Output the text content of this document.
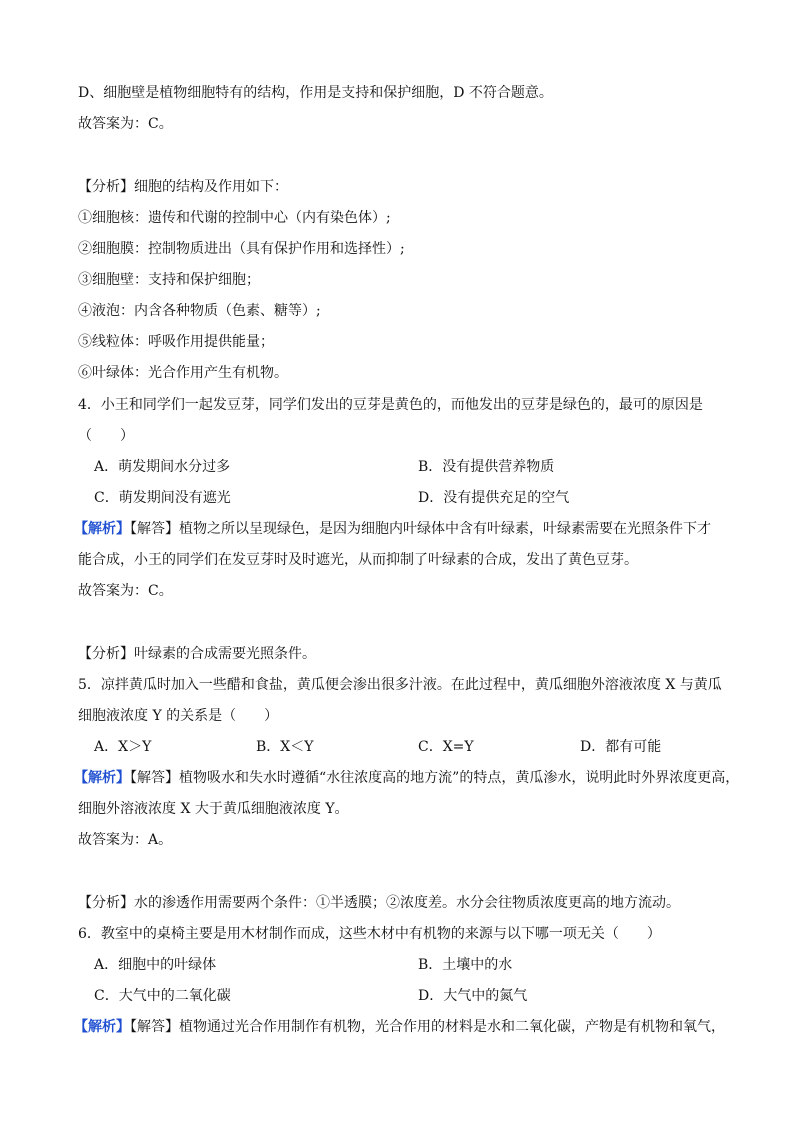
D、细胞壁是植物细胞特有的结构，作用是支持和保护细胞，D 不符合题意。
故答案为：C。
【分析】细胞的结构及作用如下：
①细胞核：遗传和代谢的控制中心（内有染色体）;
②细胞膜：控制物质进出（具有保护作用和选择性）;
③细胞壁：支持和保护细胞；
④液泡：内含各种物质（色素、糖等）;
⑤线粒体：呼吸作用提供能量；
⑥叶绿体：光合作用产生有机物。
4．小王和同学们一起发豆芽，同学们发出的豆芽是黄色的，而他发出的豆芽是绿色的，最可的原因是
（　　）
A．萌发期间水分过多	B．没有提供营养物质
C．萌发期间没有遮光	D．没有提供充足的空气
【解析】【解答】植物之所以呈现绿色，是因为细胞内叶绿体中含有叶绿素，叶绿素需要在光照条件下才
能合成，小王的同学们在发豆芽时及时遮光，从而抑制了叶绿素的合成，发出了黄色豆芽。
故答案为：C。
【分析】叶绿素的合成需要光照条件。
5．凉拌黄瓜时加入一些醋和食盐，黄瓜便会渗出很多汁液。在此过程中，黄瓜细胞外溶液浓度 X 与黄瓜
细胞液浓度 Y 的关系是（　　）
A．X＞Y	B．X＜Y	C．X=Y	D．都有可能
【解析】【解答】植物吸水和失水时遵循“水往浓度高的地方流”的特点，黄瓜渗水，说明此时外界浓度更高，
细胞外溶液浓度 X 大于黄瓜细胞液浓度 Y。
故答案为：A。
【分析】水的渗透作用需要两个条件：①半透膜；②浓度差。水分会往物质浓度更高的地方流动。
6．教室中的桌椅主要是用木材制作而成，这些木材中有机物的来源与以下哪一项无关（　　）
A．细胞中的叶绿体	B．土壤中的水
C．大气中的二氧化碳	D．大气中的氮气
【解析】【解答】植物通过光合作用制作有机物，光合作用的材料是水和二氧化碳，产物是有机物和氧气，
